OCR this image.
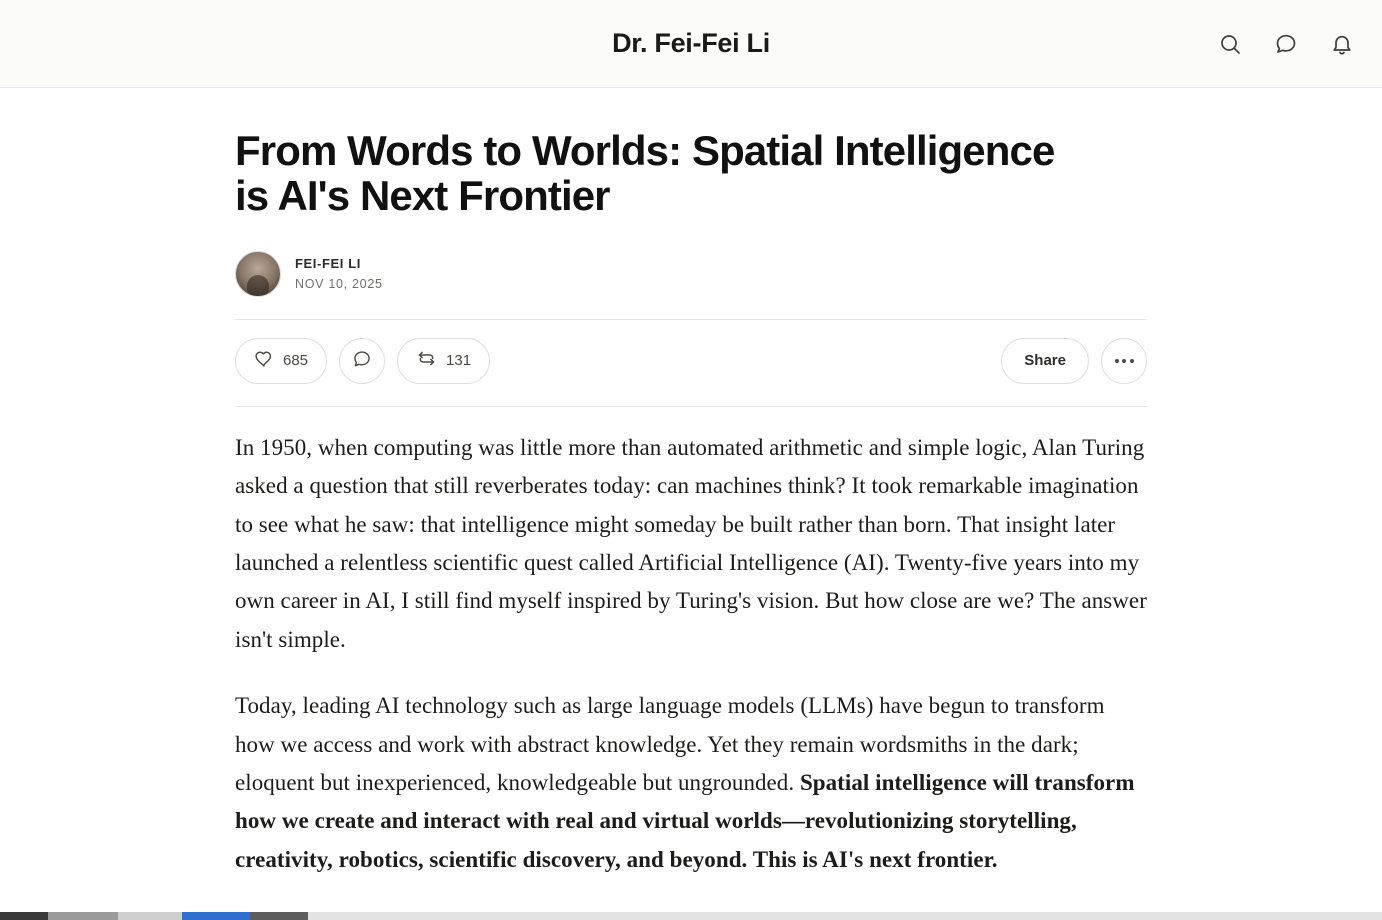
Dr. Fei-Fei Li
From Words to Worlds: Spatial Intelligence is AI's Next Frontier
FEI-FEI LI
NOV 10, 2025
685	131	Share

In 1950, when computing was little more than automated arithmetic and simple logic, Alan Turing asked a question that still reverberates today: can machines think? It took remarkable imagination to see what he saw: that intelligence might someday be built rather than born. That insight later launched a relentless scientific quest called Artificial Intelligence (AI). Twenty-five years into my own career in AI, I still find myself inspired by Turing's vision. But how close are we? The answer isn't simple.

Today, leading AI technology such as large language models (LLMs) have begun to transform how we access and work with abstract knowledge. Yet they remain wordsmiths in the dark; eloquent but inexperienced, knowledgeable but ungrounded. Spatial intelligence will transform how we create and interact with real and virtual worlds—revolutionizing storytelling, creativity, robotics, scientific discovery, and beyond. This is AI's next frontier.
